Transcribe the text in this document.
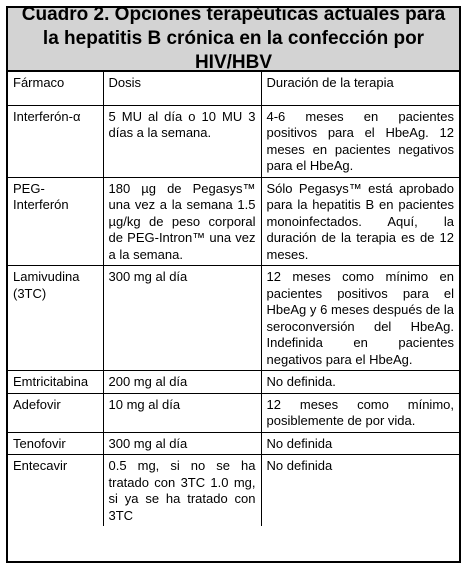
Cuadro 2. Opciones terapéuticas actuales para la hepatitis B crónica en la confección por HIV/HBV
Fármaco	Dosis	Duración de la terapia
Interferón-α	5 MU al día o 10 MU 3 días a la semana.	4-6 meses en pacientes positivos para el HbeAg. 12 meses en pacientes negativos para el HbeAg.
PEG-Interferón	180 µg de Pegasys™ una vez a la semana 1.5 µg/kg de peso corporal de PEG-Intron™ una vez a la semana.	Sólo Pegasys™ está aprobado para la hepatitis B en pacientes monoinfectados. Aquí, la duración de la terapia es de 12 meses.
Lamivudina (3TC)	300 mg al día	12 meses como mínimo en pacientes positivos para el HbeAg y 6 meses después de la seroconversión del HbeAg. Indefinida en pacientes negativos para el HbeAg.
Emtricitabina	200 mg al día	No definida.
Adefovir	10 mg al día	12 meses como mínimo, posiblemente de por vida.
Tenofovir	300 mg al día	No definida
Entecavir	0.5 mg, si no se ha tratado con 3TC 1.0 mg, si ya se ha tratado con 3TC	No definida
